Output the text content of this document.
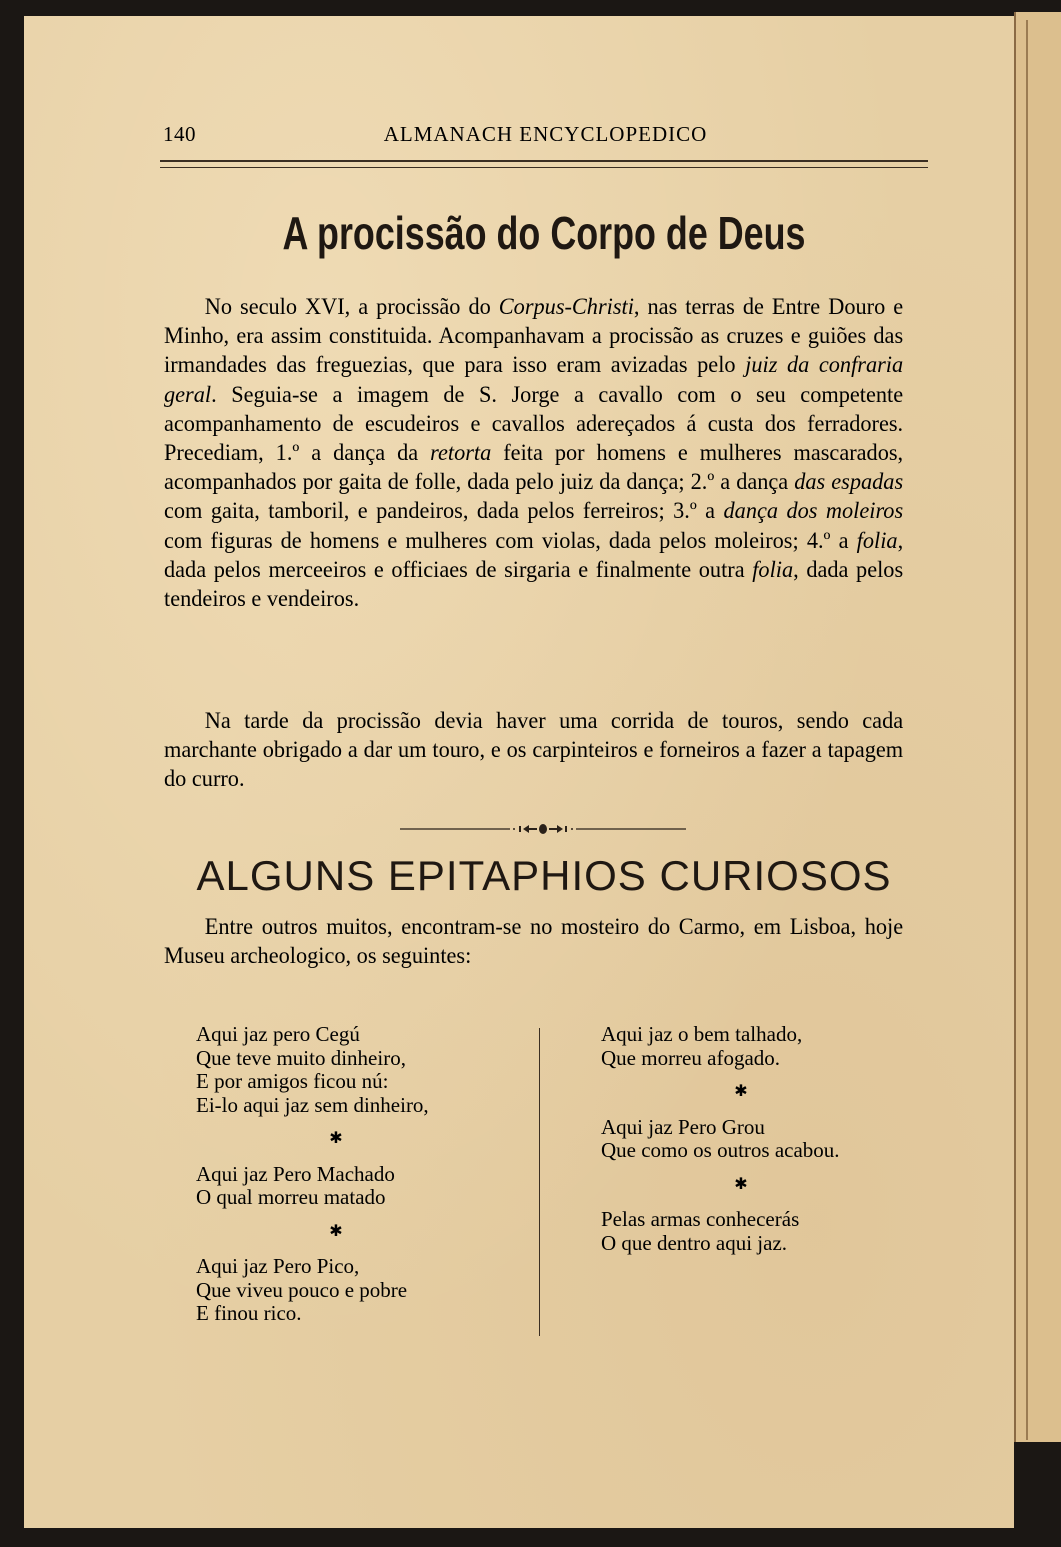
140	ALMANACH ENCYCLOPEDICO
A procissão do Corpo de Deus

No seculo XVI, a procissão do Corpus-Christi, nas terras de Entre Douro e Minho, era assim constituida. Acompanhavam a procissão as cruzes e guiões das irmandades das freguezias, que para isso eram avizadas pelo juiz da confraria geral. Seguia-se a imagem de S. Jorge a cavallo com o seu competente acompanhamento de escudeiros e cavallos adereçados á custa dos ferradores. Precediam, 1.º a dança da retorta feita por homens e mulheres mascarados, acompanhados por gaita de folle, dada pelo juiz da dança; 2.º a dança das espadas com gaita, tamboril, e pandeiros, dada pelos ferreiros; 3.º a dança dos moleiros com figuras de homens e mulheres com violas, dada pelos moleiros; 4.º a folia, dada pelos merceeiros e officiaes de sirgaria e finalmente outra folia, dada pelos tendeiros e vendeiros.

Na tarde da procissão devia haver uma corrida de touros, sendo cada marchante obrigado a dar um touro, e os carpinteiros e forneiros a fazer a tapagem do curro.

ALGUNS EPITAPHIOS CURIOSOS

Entre outros muitos, encontram-se no mosteiro do Carmo, em Lisboa, hoje Museu archeologico, os seguintes:

Aqui jaz pero Cegú
Que teve muito dinheiro,
E por amigos ficou nú:
Ei-lo aqui jaz sem dinheiro,
✱
Aqui jaz Pero Machado
O qual morreu matado
✱
Aqui jaz Pero Pico,
Que viveu pouco e pobre
E finou rico.
Aqui jaz o bem talhado,
Que morreu afogado.
✱
Aqui jaz Pero Grou
Que como os outros acabou.
✱
Pelas armas conhecerás
O que dentro aqui jaz.
